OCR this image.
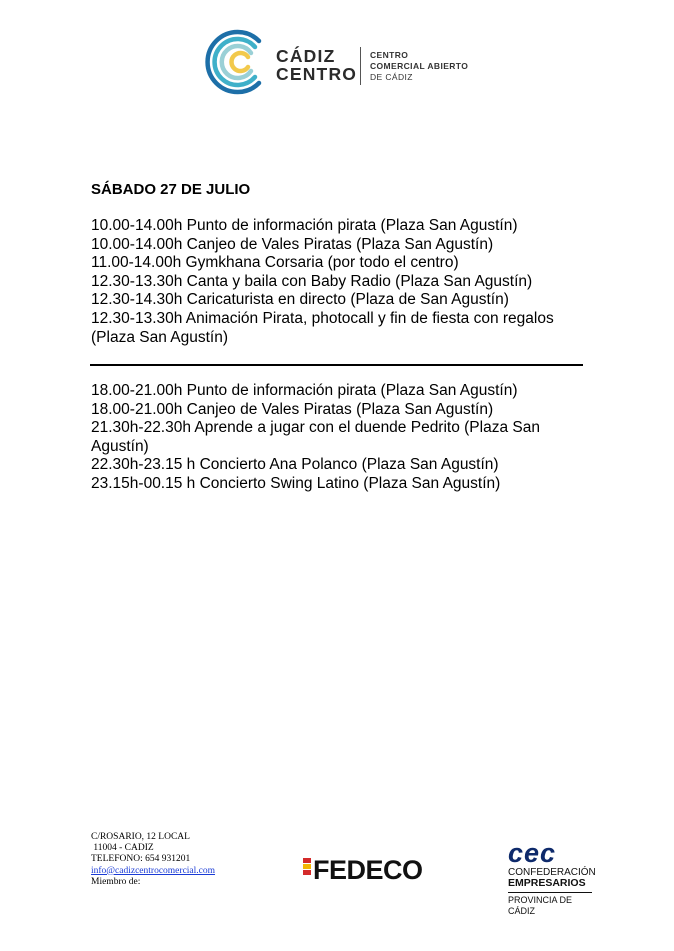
CÁDIZ
CENTRO
CENTRO
COMERCIAL ABIERTO
DE CÁDIZ
SÁBADO 27 DE JULIO
10.00-14.00h Punto de información pirata (Plaza San Agustín)
10.00-14.00h Canjeo de Vales Piratas (Plaza San Agustín)
11.00-14.00h Gymkhana Corsaria (por todo el centro)
12.30-13.30h Canta y baila con Baby Radio (Plaza San Agustín)
12.30-14.30h Caricaturista en directo (Plaza de San Agustín)
12.30-13.30h Animación Pirata, photocall y fin de fiesta con regalos (Plaza San Agustín)
18.00-21.00h Punto de información pirata (Plaza San Agustín)
18.00-21.00h Canjeo de Vales Piratas (Plaza San Agustín)
21.30h-22.30h Aprende a jugar con el duende Pedrito (Plaza San Agustín)
22.30h-23.15 h Concierto Ana Polanco (Plaza San Agustín)
23.15h-00.15 h Concierto Swing Latino (Plaza San Agustín)
C/ROSARIO, 12 LOCAL
11004 - CADIZ
TELEFONO: 654 931201
info@cadizcentrocomercial.com
Miembro de:	FEDECO
cec
CONFEDERACIÓN
EMPRESARIOS
PROVINCIA DE CÁDIZ
